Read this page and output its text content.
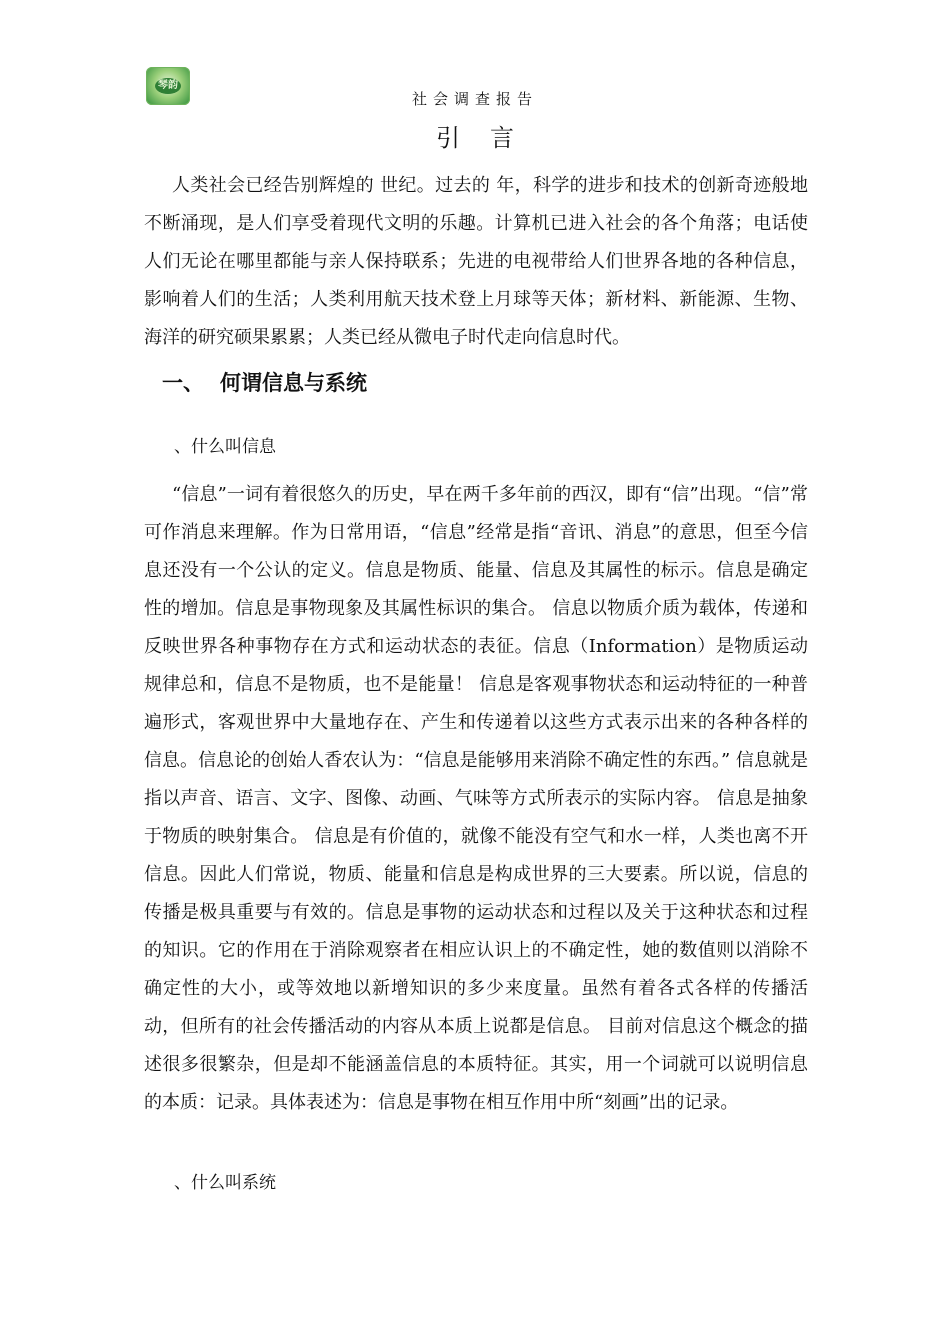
琴韵
社会调查报告
引言

人类社会已经告别辉煌的 世纪。过去的 年，科学的进步和技术的创新奇迹般地不断涌现，是人们享受着现代文明的乐趣。计算机已进入社会的各个角落；电话使人们无论在哪里都能与亲人保持联系；先进的电视带给人们世界各地的各种信息，影响着人们的生活；人类利用航天技术登上月球等天体；新材料、新能源、生物、海洋的研究硕果累累；人类已经从微电子时代走向信息时代。

一、 何谓信息与系统

、什么叫信息

“信息”一词有着很悠久的历史，早在两千多年前的西汉，即有“信”出现。“信”常可作消息来理解。作为日常用语，“信息”经常是指“音讯、消息”的意思，但至今信息还没有一个公认的定义。信息是物质、能量、信息及其属性的标示。信息是确定性的增加。信息是事物现象及其属性标识的集合。 信息以物质介质为载体，传递和反映世界各种事物存在方式和运动状态的表征。信息（Information）是物质运动规律总和，信息不是物质，也不是能量！ 信息是客观事物状态和运动特征的一种普遍形式，客观世界中大量地存在、产生和传递着以这些方式表示出来的各种各样的信息。信息论的创始人香农认为：“信息是能够用来消除不确定性的东西。” 信息就是指以声音、语言、文字、图像、动画、气味等方式所表示的实际内容。 信息是抽象于物质的映射集合。 信息是有价值的，就像不能没有空气和水一样，人类也离不开信息。因此人们常说，物质、能量和信息是构成世界的三大要素。所以说，信息的传播是极具重要与有效的。信息是事物的运动状态和过程以及关于这种状态和过程的知识。它的作用在于消除观察者在相应认识上的不确定性，她的数值则以消除不确定性的大小，或等效地以新增知识的多少来度量。虽然有着各式各样的传播活动，但所有的社会传播活动的内容从本质上说都是信息。 目前对信息这个概念的描述很多很繁杂，但是却不能涵盖信息的本质特征。其实，用一个词就可以说明信息的本质：记录。具体表述为：信息是事物在相互作用中所“刻画”出的记录。

、什么叫系统
